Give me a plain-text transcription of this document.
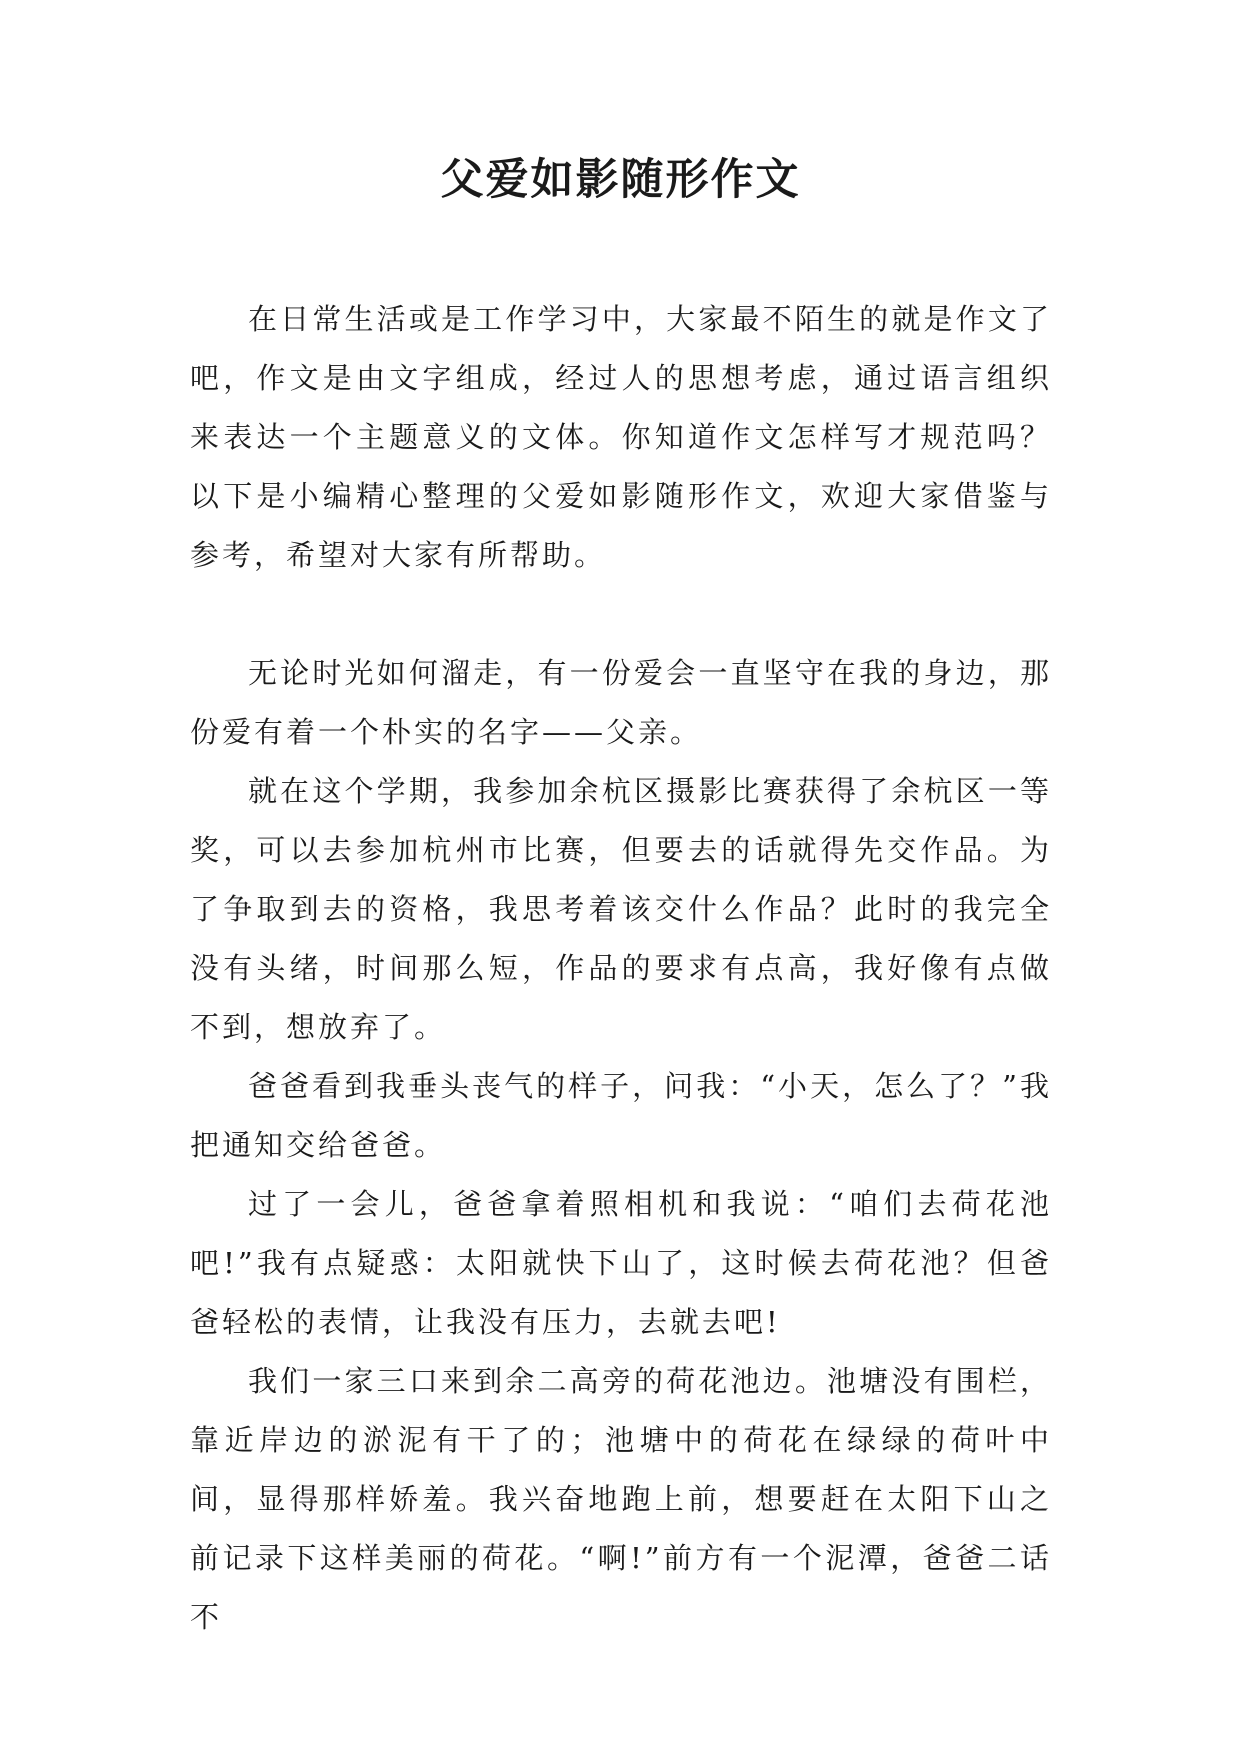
父爱如影随形作文

在日常生活或是工作学习中，大家最不陌生的就是作文了吧，作文是由文字组成，经过人的思想考虑，通过语言组织来表达一个主题意义的文体。你知道作文怎样写才规范吗？以下是小编精心整理的父爱如影随形作文，欢迎大家借鉴与参考，希望对大家有所帮助。

无论时光如何溜走，有一份爱会一直坚守在我的身边，那份爱有着一个朴实的名字——父亲。

就在这个学期，我参加余杭区摄影比赛获得了余杭区一等奖，可以去参加杭州市比赛，但要去的话就得先交作品。为了争取到去的资格，我思考着该交什么作品？此时的我完全没有头绪，时间那么短，作品的要求有点高，我好像有点做不到，想放弃了。

爸爸看到我垂头丧气的样子，问我：“小天，怎么了？”我把通知交给爸爸。

过了一会儿，爸爸拿着照相机和我说：“咱们去荷花池吧!”我有点疑惑：太阳就快下山了，这时候去荷花池？但爸爸轻松的表情，让我没有压力，去就去吧!

我们一家三口来到余二高旁的荷花池边。池塘没有围栏，靠近岸边的淤泥有干了的；池塘中的荷花在绿绿的荷叶中间，显得那样娇羞。我兴奋地跑上前，想要赶在太阳下山之前记录下这样美丽的荷花。“啊!”前方有一个泥潭，爸爸二话不
